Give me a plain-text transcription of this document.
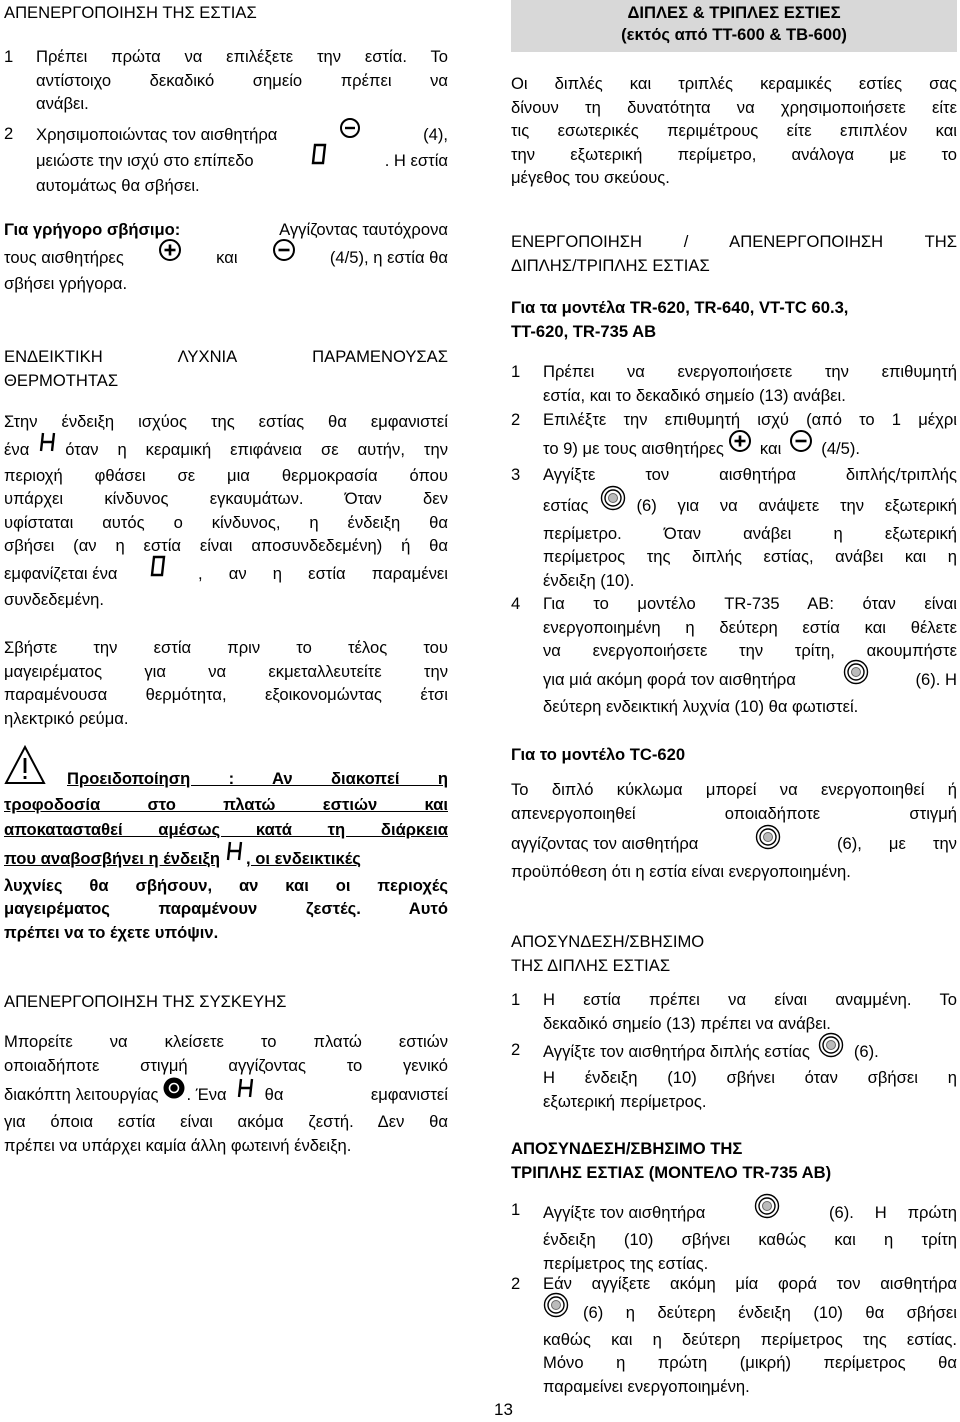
ΑΠΕΝΕΡΓΟΠΟΙΗΣΗ ΤΗΣ ΕΣΤΙΑΣ

1	Πρέπει πρώτα να επιλέξετε την εστία. Το
αντίστοιχο δεκαδικό σημείο πρέπει να
ανάβει.
2	Χρησιμοποιώντας τον αισθητήρα	(4),
μειώστε την ισχύ στο επίπεδο	. Η εστία
αυτομάτως θα σβήσει.
Για γρήγορο σβήσιμο:	Αγγίζοντας ταυτόχρονα
τους αισθητήρες	και	(4/5), η εστία θα
σβήσει γρήγορα.
ΕΝΔΕΙΚΤΙΚΗ ΛΥΧΝΙΑ ΠΑΡΑΜΕΝΟΥΣΑΣ
ΘΕΡΜΟΤΗΤΑΣ
Στην ένδειξη ισχύος της εστίας θα εμφανιστεί
ένα όταν η κεραμική επιφάνεια σε αυτήν, την
περιοχή φθάσει σε μια θερμοκρασία όπου
υπάρχει κίνδυνος εγκαυμάτων. Όταν δεν
υφίσταται αυτός ο κίνδυνος, η ένδειξη θα
σβήσει (αν η εστία είναι αποσυνδεδεμένη) ή θα
εμφανίζεται ένα	, αν η εστία παραμένει
συνδεδεμένη.
Σβήστε την εστία πριν το τέλος του
μαγειρέματος για να εκμεταλλευτείτε την
παραμένουσα θερμότητα, εξοικονομώντας έτσι
ηλεκτρικό ρεύμα.
Προειδοποίηση : Αν διακοπεί η
τροφοδοσία στο πλατώ εστιών και
αποκατασταθεί αμέσως κατά τη διάρκεια
που αναβοσβήνει η ένδειξη , οι ενδεικτικές
λυχνίες θα σβήσουν, αν και οι περιοχές
μαγειρέματος παραμένουν ζεστές. Αυτό
πρέπει να το έχετε υπόψιν.

ΑΠΕΝΕΡΓΟΠΟΙΗΣΗ ΤΗΣ ΣΥΣΚΕΥΗΣ

Μπορείτε να κλείσετε το πλατώ εστιών
οποιαδήποτε στιγμή αγγίζοντας το γενικό
διακόπτη λειτουργίας . Ένα θα εμφανιστεί
για όποια εστία είναι ακόμα ζεστή. Δεν θα
πρέπει να υπάρχει καμία άλλη φωτεινή ένδειξη.
ΔΙΠΛΕΣ & ΤΡΙΠΛΕΣ ΕΣΤΙΕΣ
(εκτός από ΤΤ-600 & ΤΒ-600)
Οι διπλές και τριπλές κεραμικές εστίες σας
δίνουν τη δυνατότητα να χρησιμοποιήσετε είτε
τις εσωτερικές περιμέτρους είτε επιπλέον και
την εξωτερική περίμετρο, ανάλογα με το
μέγεθος του σκεύους.
ΕΝΕΡΓΟΠΟΙΗΣΗ / ΑΠΕΝΕΡΓΟΠΟΙΗΣΗ ΤΗΣ
ΔΙΠΛΗΣ/ΤΡΙΠΛΗΣ ΕΣΤΙΑΣ
Για τα μοντέλα TR-620, TR-640, VT-TC 60.3,
TT-620, TR-735 AB
1	Πρέπει να ενεργοποιήσετε την επιθυμητή
εστία, και το δεκαδικό σημείο (13) ανάβει.
2	Επιλέξτε την επιθυμητή ισχύ (από το 1 μέχρι
το 9) με τους αισθητήρες και (4/5).
3	Αγγίξτε τον αισθητήρα διπλής/τριπλής
εστίας	(6) για να ανάψετε την εξωτερική
περίμετρο. Όταν ανάβει η εξωτερική
περίμετρος της διπλής εστίας, ανάβει και η
ένδειξη (10).
4	Για το μοντέλο TR-735 AB: όταν είναι
ενεργοποιημένη η δεύτερη εστία και θέλετε
να ενεργοποιήσετε την τρίτη, ακουμπήστε
για μιά ακόμη φορά τον αισθητήρα	(6). Η
δεύτερη ενδεικτική λυχνία (10) θα φωτιστεί.

Για το μοντέλο TC-620

Το διπλό κύκλωμα μπορεί να ενεργοποιηθεί ή
απενεργοποιηθεί οποιαδήποτε στιγμή
αγγίζοντας τον αισθητήρα	(6), με την
προϋπόθεση ότι η εστία είναι ενεργοποιημένη.
ΑΠΟΣΥΝΔΕΣΗ/ΣΒΗΣΙΜΟ
ΤΗΣ ΔΙΠΛΗΣ ΕΣΤΙΑΣ
1	Η εστία πρέπει να είναι αναμμένη. Το
δεκαδικό σημείο (13) πρέπει να ανάβει.
2	Αγγίξτε τον αισθητήρα διπλής εστίας	(6).
Η ένδειξη (10) σβήνει όταν σβήσει η
εξωτερική περίμετρος.
ΑΠΟΣΥΝΔΕΣΗ/ΣΒΗΣΙΜΟ ΤΗΣ
ΤΡΙΠΛΗΣ ΕΣΤΙΑΣ (ΜΟΝΤΕΛΟ TR-735 AB)
1	Αγγίξτε τον αισθητήρα	(6). Η πρώτη
ένδειξη (10) σβήνει καθώς και η τρίτη
περίμετρος της εστίας.
2	Εάν αγγίξετε ακόμη μία φορά τον αισθητήρα
(6) η δεύτερη ένδειξη (10) θα σβήσει
καθώς και η δεύτερη περίμετρος της εστίας.
Μόνο η πρώτη (μικρή) περίμετρος θα
παραμείνει ενεργοποιημένη.
13
